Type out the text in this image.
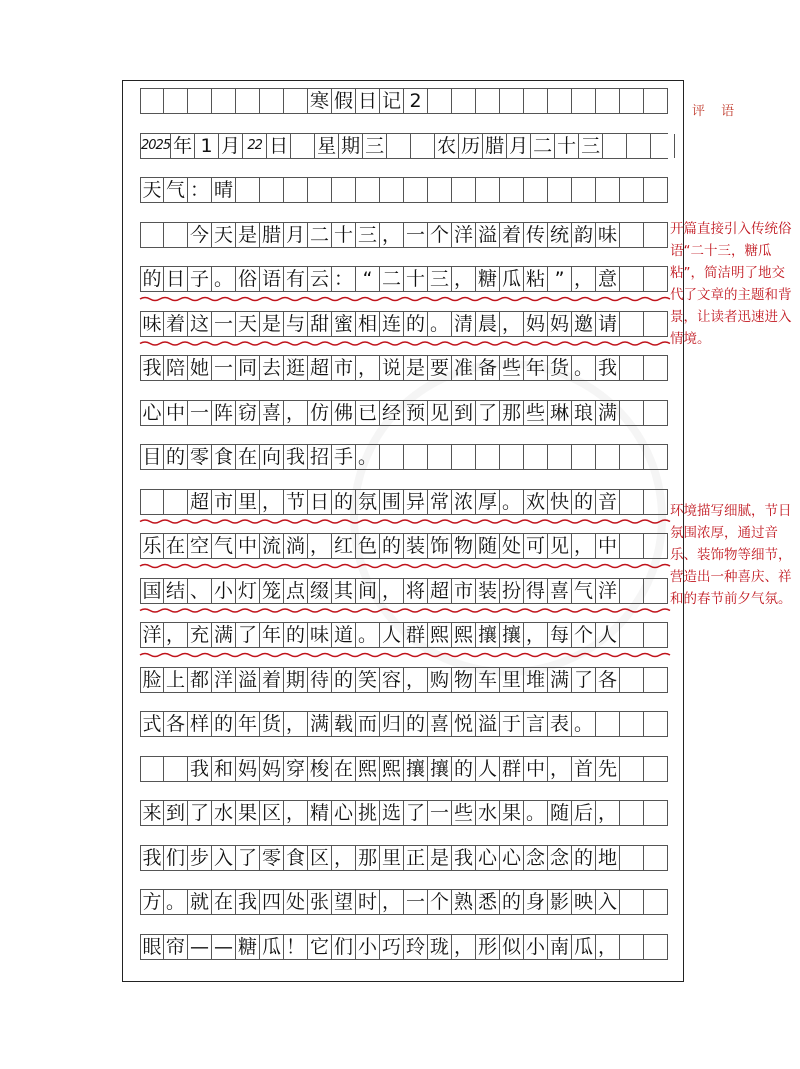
寒 假 日 记 2
2025 年 1 月 22 日 星 期 三	农 历 腊 月 二 十 三
天 气 ： 晴
今 天 是 腊 月 二 十 三 ， 一 个 洋 溢 着 传 统 韵 味
的 日 子 。 俗 语 有 云 ： “ 二 十 三 ， 糖 瓜 粘 ” ， 意
味 着 这 一 天 是 与 甜 蜜 相 连 的 。 清 晨 ， 妈 妈 邀 请
我 陪 她 一 同 去 逛 超 市 ， 说 是 要 准 备 些 年 货 。 我
心 中 一 阵 窃 喜 ， 仿 佛 已 经 预 见 到 了 那 些 琳 琅 满
目 的 零 食 在 向 我 招 手 。
超 市 里 ， 节 日 的 氛 围 异 常 浓 厚 。 欢 快 的 音
乐 在 空 气 中 流 淌 ， 红 色 的 装 饰 物 随 处 可 见 ， 中
国 结 、 小 灯 笼 点 缀 其 间 ， 将 超 市 装 扮 得 喜 气 洋
洋 ， 充 满 了 年 的 味 道 。 人 群 熙 熙 攘 攘 ， 每 个 人
脸 上 都 洋 溢 着 期 待 的 笑 容 ， 购 物 车 里 堆 满 了 各
式 各 样 的 年 货 ， 满 载 而 归 的 喜 悦 溢 于 言 表 。
我 和 妈 妈 穿 梭 在 熙 熙 攘 攘 的 人 群 中 ， 首 先
来 到 了 水 果 区 ， 精 心 挑 选 了 一 些 水 果 。 随 后 ，
我 们 步 入 了 零 食 区 ， 那 里 正 是 我 心 心 念 念 的 地
方 。 就 在 我 四 处 张 望 时 ， 一 个 熟 悉 的 身 影 映 入
眼 帘 — — 糖 瓜 ！ 它 们 小 巧 玲 珑 ， 形 似 小 南 瓜 ，
评 语
开篇直接引入传统俗语“二十三，糖瓜粘”，简洁明了地交代了文章的主题和背景，让读者迅速进入情境。
环境描写细腻，节日氛围浓厚，通过音乐、装饰物等细节，营造出一种喜庆、祥和的春节前夕气氛。
